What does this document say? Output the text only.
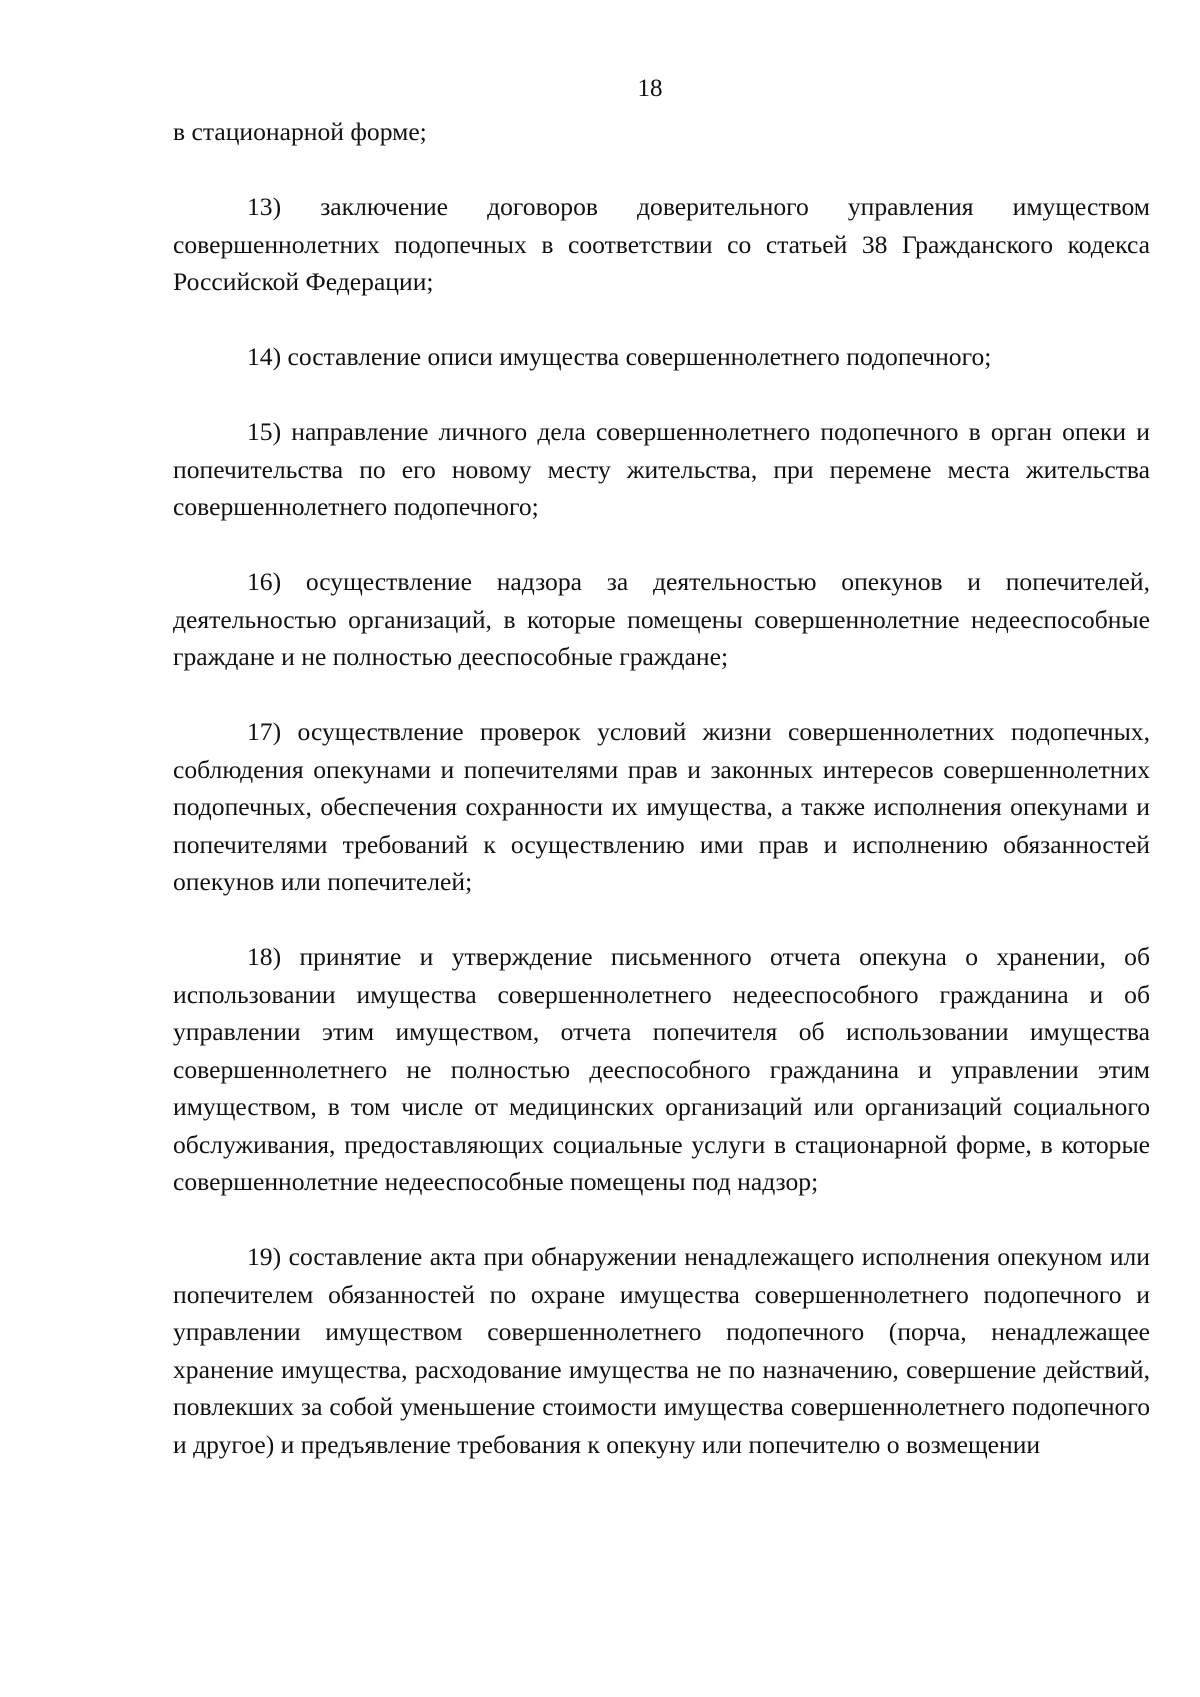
18

в стационарной форме;

13) заключение договоров доверительного управления имуществом совершеннолетних подопечных в соответствии со статьей 38 Гражданского кодекса Российской Федерации;

14) составление описи имущества совершеннолетнего подопечного;

15) направление личного дела совершеннолетнего подопечного в орган опеки и попечительства по его новому месту жительства, при перемене места жительства совершеннолетнего подопечного;

16) осуществление надзора за деятельностью опекунов и попечителей, деятельностью организаций, в которые помещены совершеннолетние недееспособные граждане и не полностью дееспособные граждане;

17) осуществление проверок условий жизни совершеннолетних подопечных, соблюдения опекунами и попечителями прав и законных интересов совершеннолетних подопечных, обеспечения сохранности их имущества, а также исполнения опекунами и попечителями требований к осуществлению ими прав и исполнению обязанностей опекунов или попечителей;

18) принятие и утверждение письменного отчета опекуна о хранении, об использовании имущества совершеннолетнего недееспособного гражданина и об управлении этим имуществом, отчета попечителя об использовании имущества совершеннолетнего не полностью дееспособного гражданина и управлении этим имуществом, в том числе от медицинских организаций или организаций социального обслуживания, предоставляющих социальные услуги в стационарной форме, в которые совершеннолетние недееспособные помещены под надзор;

19) составление акта при обнаружении ненадлежащего исполнения опекуном или попечителем обязанностей по охране имущества совершеннолетнего подопечного и управлении имуществом совершеннолетнего подопечного (порча, ненадлежащее хранение имущества, расходование имущества не по назначению, совершение действий, повлекших за собой уменьшение стоимости имущества совершеннолетнего подопечного и другое) и предъявление требования к опекуну или попечителю о возмещении
